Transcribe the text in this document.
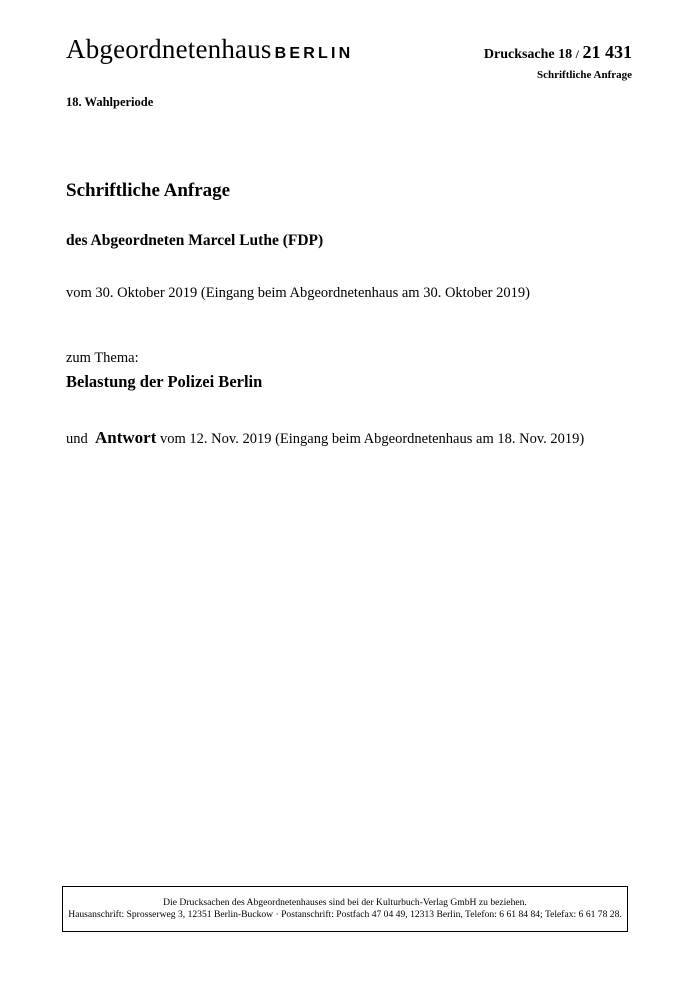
Abgeordnetenhaus BERLIN	Drucksache 18 / 21 431
Schriftliche Anfrage
18. Wahlperiode
Schriftliche Anfrage
des Abgeordneten Marcel Luthe (FDP)
vom 30. Oktober 2019 (Eingang beim Abgeordnetenhaus am 30. Oktober 2019)
zum Thema:
Belastung der Polizei Berlin
und Antwort vom 12. Nov. 2019 (Eingang beim Abgeordnetenhaus am 18. Nov. 2019)
Die Drucksachen des Abgeordnetenhauses sind bei der Kulturbuch-Verlag GmbH zu beziehen.
Hausanschrift: Sprosserweg 3, 12351 Berlin-Buckow · Postanschrift: Postfach 47 04 49, 12313 Berlin, Telefon: 6 61 84 84; Telefax: 6 61 78 28.
